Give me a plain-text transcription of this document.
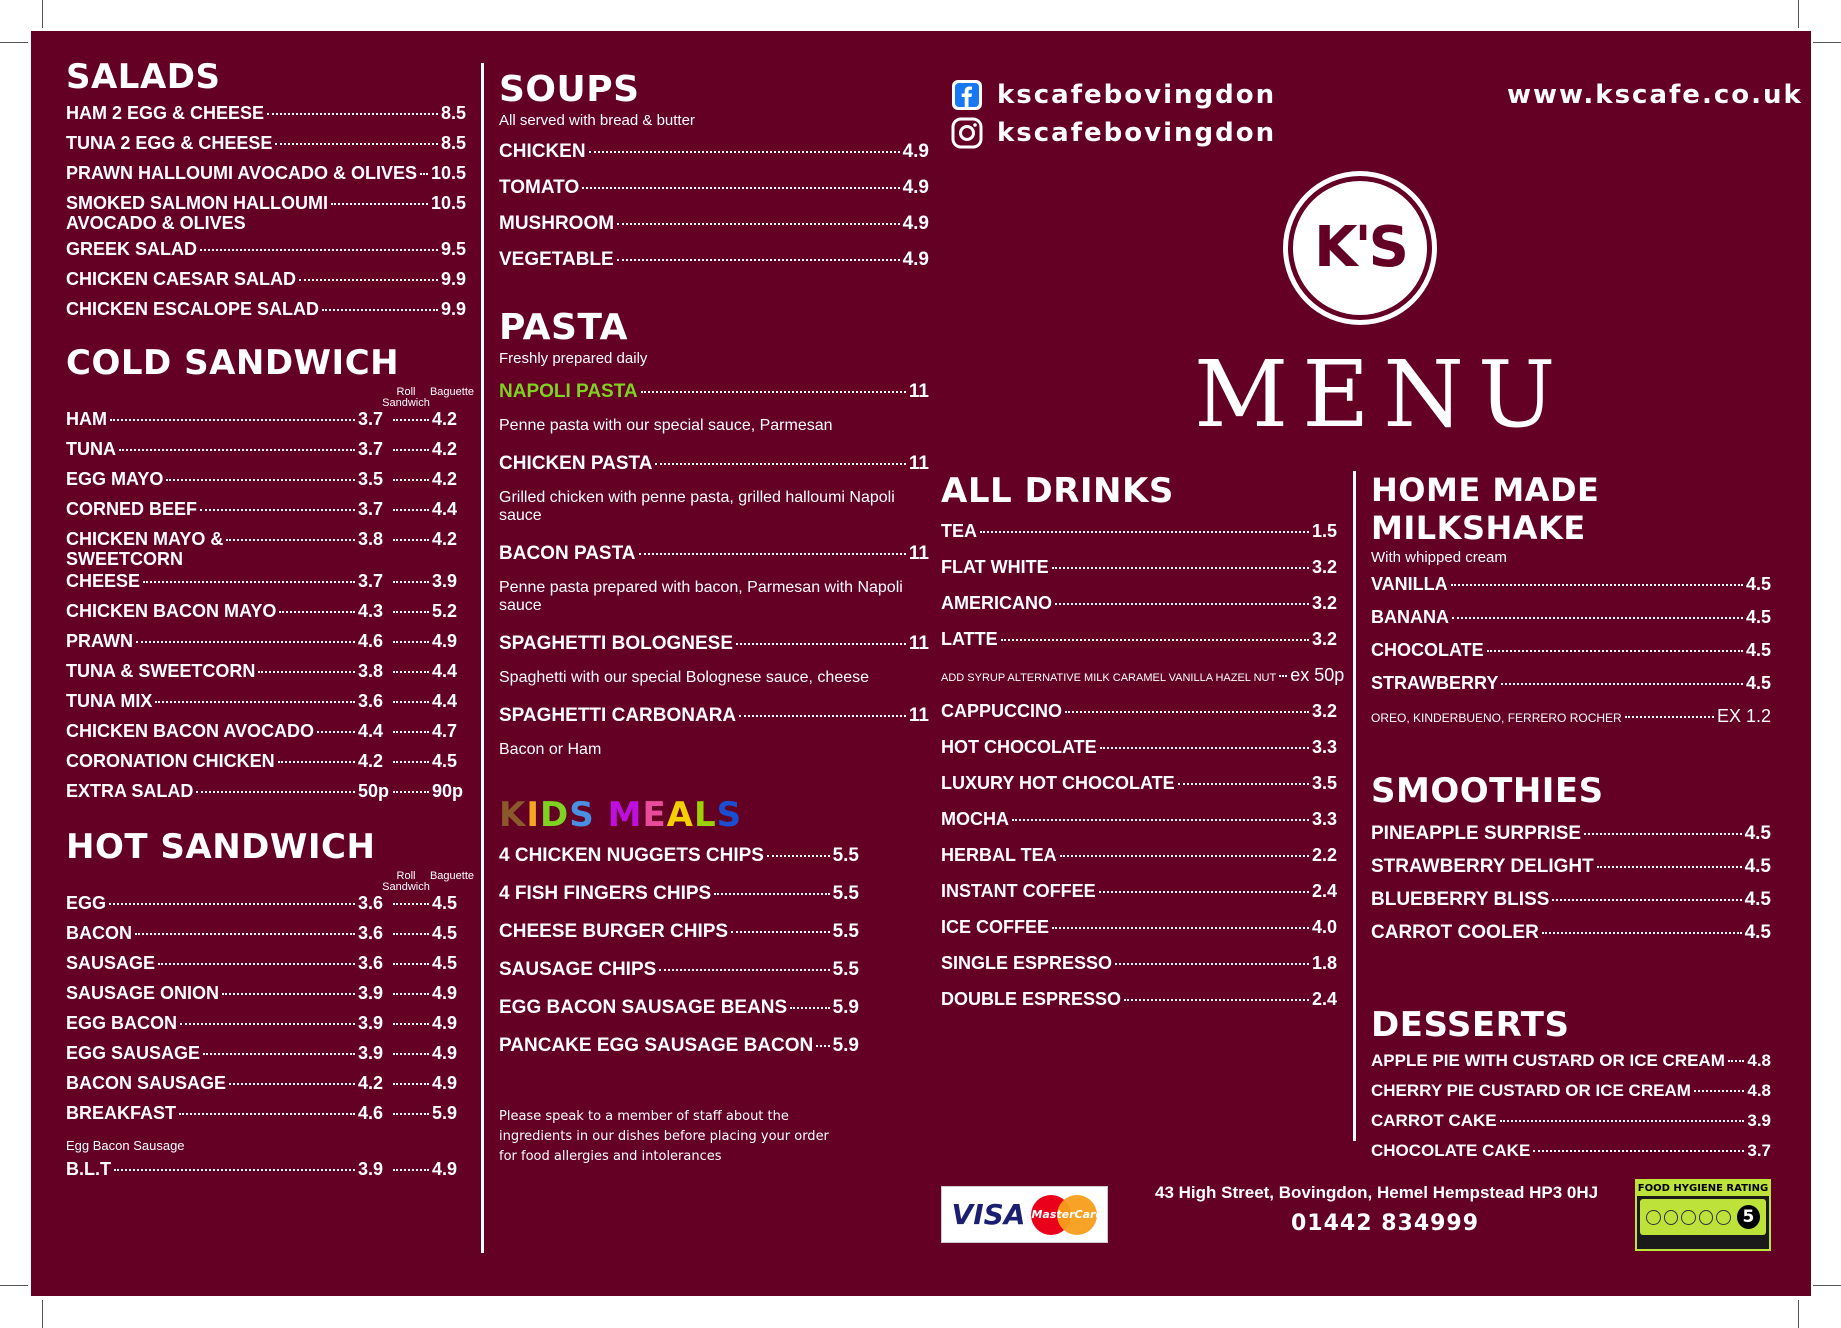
SALADS
HAM 2 EGG & CHEESE	8.5
TUNA 2 EGG & CHEESE	8.5
PRAWN HALLOUMI AVOCADO & OLIVES 10.5
SMOKED SALMON HALLOUMI	10.5
AVOCADO & OLIVES
GREEK SALAD	9.5
CHICKEN CAESAR SALAD	9.9
CHICKEN ESCALOPE SALAD	9.9
COLD SANDWICH
Roll Sandwich
Baguette
HAM	3.7	4.2
TUNA	3.7	4.2
EGG MAYO	3.5	4.2
CORNED BEEF	3.7	4.4
CHICKEN MAYO &	3.8	4.2
SWEETCORN
CHEESE	3.7	3.9
CHICKEN BACON MAYO	4.3	5.2
PRAWN	4.6	4.9
TUNA & SWEETCORN	3.8	4.4
TUNA MIX	3.6	4.4
CHICKEN BACON AVOCADO 4.4	4.7
CORONATION CHICKEN	4.2	4.5
EXTRA SALAD	50p 90p
HOT SANDWICH
Roll Sandwich
Baguette
EGG	3.6	4.5
BACON	3.6	4.5
SAUSAGE	3.6	4.5
SAUSAGE ONION	3.9	4.9
EGG BACON	3.9	4.9
EGG SAUSAGE	3.9	4.9
BACON SAUSAGE	4.2	4.9
BREAKFAST	4.6	5.9
Egg Bacon Sausage
B.L.T	3.9	4.9
SOUPS

All served with bread & butter

CHICKEN	4.9
TOMATO	4.9
MUSHROOM	4.9
VEGETABLE	4.9
PASTA

Freshly prepared daily

NAPOLI PASTA	11
Penne pasta with our special sauce, Parmesan
CHICKEN PASTA	11
Grilled chicken with penne pasta, grilled halloumi Napoli sauce
BACON PASTA	11
Penne pasta prepared with bacon, Parmesan with Napoli sauce
SPAGHETTI BOLOGNESE	11
Spaghetti with our special Bolognese sauce, cheese
SPAGHETTI CARBONARA	11
Bacon or Ham
KIDS MEALS
4 CHICKEN NUGGETS CHIPS	5.5
4 FISH FINGERS CHIPS	5.5
CHEESE BURGER CHIPS	5.5
SAUSAGE CHIPS	5.5
EGG BACON SAUSAGE BEANS 5.9
PANCAKE EGG SAUSAGE BACON 5.9
Please speak to a member of staff about the
ingredients in our dishes before placing your order
for food allergies and intolerances
kscafebovingdon
kscafebovingdon
www.kscafe.co.uk
K'S
MENU
ALL DRINKS
TEA	1.5
FLAT WHITE	3.2
AMERICANO	3.2
LATTE	3.2
ADD SYRUP ALTERNATIVE MILK CARAMEL VANILLA HAZEL NUT ex 50p
CAPPUCCINO	3.2
HOT CHOCOLATE	3.3
LUXURY HOT CHOCOLATE	3.5
MOCHA	3.3
HERBAL TEA	2.2
INSTANT COFFEE	2.4
ICE COFFEE	4.0
SINGLE ESPRESSO	1.8
DOUBLE ESPRESSO	2.4
HOME MADE MILKSHAKE

With whipped cream

VANILLA	4.5
BANANA	4.5
CHOCOLATE	4.5
STRAWBERRY	4.5
OREO, KINDERBUENO, FERRERO ROCHER	EX 1.2
SMOOTHIES
PINEAPPLE SURPRISE	4.5
STRAWBERRY DELIGHT	4.5
BLUEBERRY BLISS	4.5
CARROT COOLER	4.5
DESSERTS
APPLE PIE WITH CUSTARD OR ICE CREAM 4.8
CHERRY PIE CUSTARD OR ICE CREAM	4.8
CARROT CAKE	3.9
CHOCOLATE CAKE	3.7
VISA MasterCard
43 High Street, Bovingdon, Hemel Hempstead HP3 0HJ
01442 834999
FOOD HYGIENE RATING
5
